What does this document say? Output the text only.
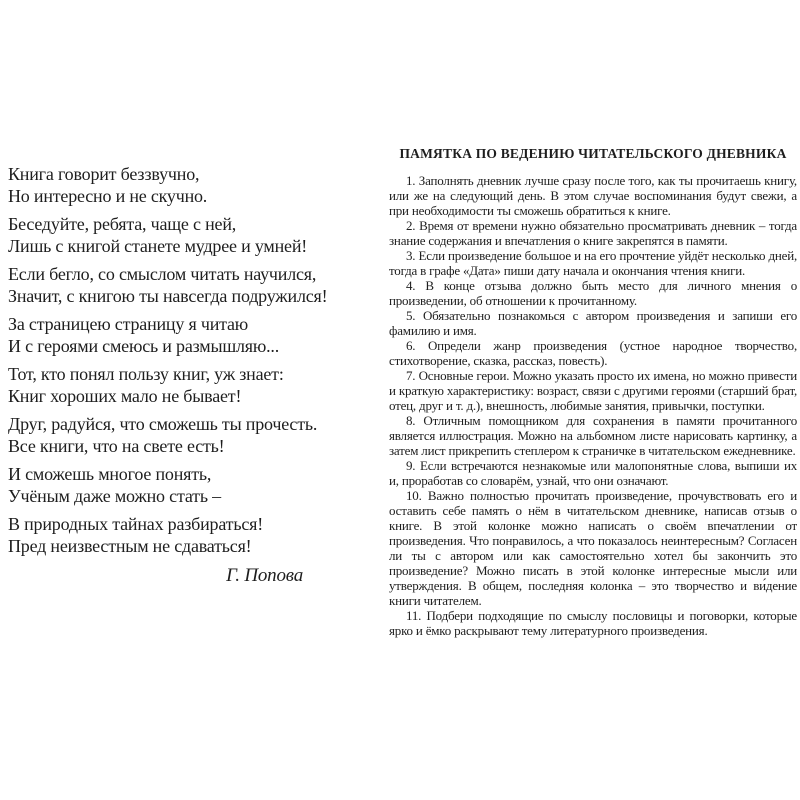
Книга говорит беззвучно,
Но интересно и не скучно.

Беседуйте, ребята, чаще с ней,
Лишь с книгой станете мудрее и умней!

Если бегло, со смыслом читать научился,
Значит, с книгою ты навсегда подружился!

За страницею страницу я читаю
И с героями смеюсь и размышляю...

Тот, кто понял пользу книг, уж знает:
Книг хороших мало не бывает!

Друг, радуйся, что сможешь ты прочесть.
Все книги, что на свете есть!

И сможешь многое понять,
Учёным даже можно стать –

В природных тайнах разбираться!
Пред неизвестным не сдаваться!

Г. Попова

ПАМЯТКА ПО ВЕДЕНИЮ ЧИТАТЕЛЬСКОГО ДНЕВНИКА

1. Заполнять дневник лучше сразу после того, как ты прочитаешь книгу, или же на следующий день. В этом случае воспоминания будут свежи, а при необходимости ты сможешь обратиться к книге.

2. Время от времени нужно обязательно просматривать дневник – тогда знание содержания и впечатления о книге закрепятся в памяти.

3. Если произведение большое и на его прочтение уйдёт несколько дней, тогда в графе «Дата» пиши дату начала и окончания чтения книги.

4. В конце отзыва должно быть место для личного мнения о произведении, об отношении к прочитанному.

5. Обязательно познакомься с автором произведения и запиши его фамилию и имя.

6. Определи жанр произведения (устное народное творчество, стихотворение, сказка, рассказ, повесть).

7. Основные герои. Можно указать просто их имена, но можно привести и краткую характеристику: возраст, связи с другими героями (старший брат, отец, друг и т. д.), внешность, любимые занятия, привычки, поступки.

8. Отличным помощником для сохранения в памяти прочитанного является иллюстрация. Можно на альбомном листе нарисовать картинку, а затем лист прикрепить степлером к страничке в читательском ежедневнике.

9. Если встречаются незнакомые или малопонятные слова, выпиши их и, проработав со словарём, узнай, что они означают.

10. Важно полностью прочитать произведение, прочувствовать его и оставить себе память о нём в читательском дневнике, написав отзыв о книге. В этой колонке можно написать о своём впечатлении от произведения. Что понравилось, а что показалось неинтересным? Согласен ли ты с автором или как самостоятельно хотел бы закончить это произведение? Можно писать в этой колонке интересные мысли или утверждения. В общем, последняя колонка – это творчество и ви́дение книги читателем.

11. Подбери подходящие по смыслу пословицы и поговорки, которые ярко и ёмко раскрывают тему литературного произведения.
